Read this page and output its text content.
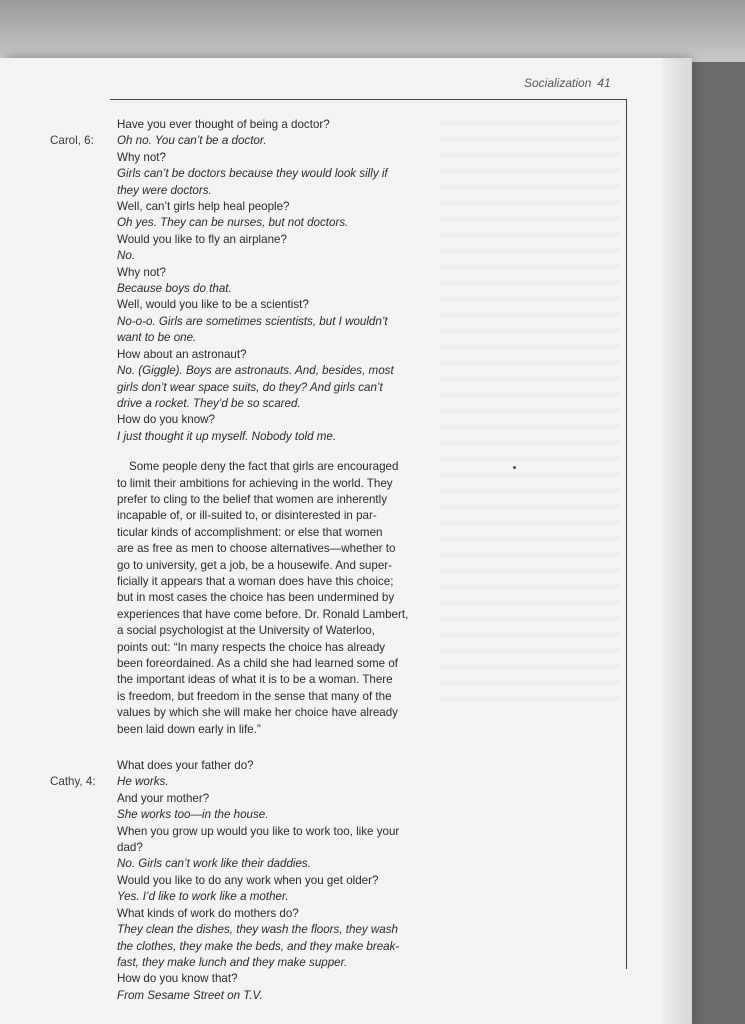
Socialization 41
Have you ever thought of being a doctor?
Carol, 6: Oh no. You can’t be a doctor.
Why not?
Girls can’t be doctors because they would look silly if
they were doctors.
Well, can’t girls help heal people?
Oh yes. They can be nurses, but not doctors.
Would you like to fly an airplane?
No.
Why not?
Because boys do that.
Well, would you like to be a scientist?
No-o-o. Girls are sometimes scientists, but I wouldn’t
want to be one.
How about an astronaut?
No. (Giggle). Boys are astronauts. And, besides, most
girls don’t wear space suits, do they? And girls can’t
drive a rocket. They’d be so scared.
How do you know?
I just thought it up myself. Nobody told me.
Some people deny the fact that girls are encouraged
to limit their ambitions for achieving in the world. They
prefer to cling to the belief that women are inherently
incapable of, or ill-suited to, or disinterested in par-
ticular kinds of accomplishment: or else that women
are as free as men to choose alternatives—whether to
go to university, get a job, be a housewife. And super-
ficially it appears that a woman does have this choice;
but in most cases the choice has been undermined by
experiences that have come before. Dr. Ronald Lambert,
a social psychologist at the University of Waterloo,
points out: “In many respects the choice has already
been foreordained. As a child she had learned some of
the important ideas of what it is to be a woman. There
is freedom, but freedom in the sense that many of the
values by which she will make her choice have already
been laid down early in life.”
What does your father do?
Cathy, 4: He works.
And your mother?
She works too—in the house.
When you grow up would you like to work too, like your
dad?
No. Girls can’t work like their daddies.
Would you like to do any work when you get older?
Yes. I’d like to work like a mother.
What kinds of work do mothers do?
They clean the dishes, they wash the floors, they wash
the clothes, they make the beds, and they make break-
fast, they make lunch and they make supper.
How do you know that?
From Sesame Street on T.V.
